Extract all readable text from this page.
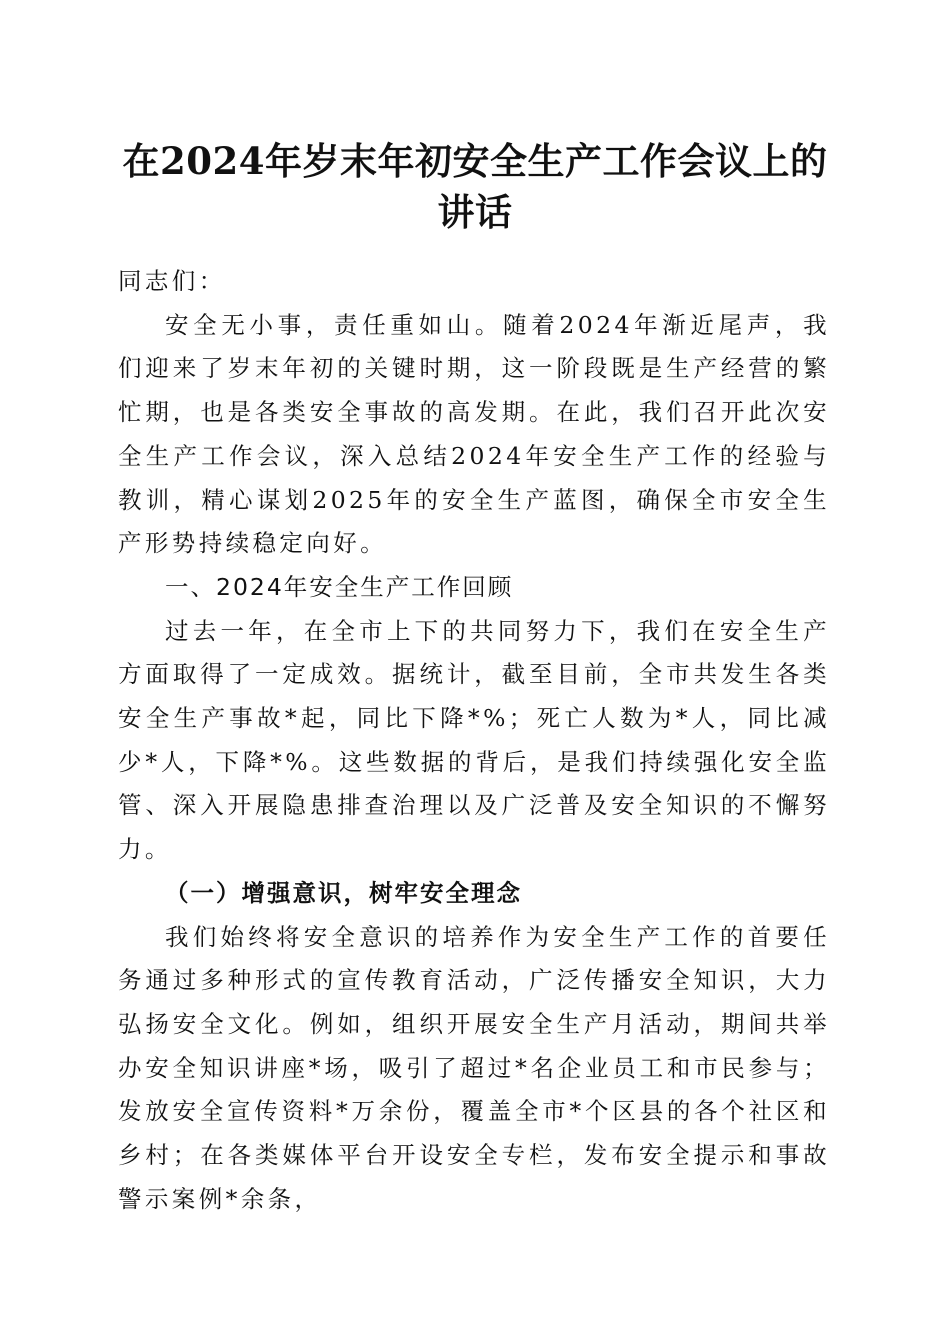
在2024年岁末年初安全生产工作会议上的讲话

同志们：

安全无小事，责任重如山。随着2024年渐近尾声，我们迎来了岁末年初的关键时期，这一阶段既是生产经营的繁忙期，也是各类安全事故的高发期。在此，我们召开此次安全生产工作会议，深入总结2024年安全生产工作的经验与教训，精心谋划2025年的安全生产蓝图，确保全市安全生产形势持续稳定向好。

一、2024年安全生产工作回顾

过去一年，在全市上下的共同努力下，我们在安全生产方面取得了一定成效。据统计，截至目前，全市共发生各类安全生产事故*起，同比下降*%；死亡人数为*人，同比减少*人，下降*%。这些数据的背后，是我们持续强化安全监管、深入开展隐患排查治理以及广泛普及安全知识的不懈努力。

（一）增强意识，树牢安全理念

我们始终将安全意识的培养作为安全生产工作的首要任务通过多种形式的宣传教育活动，广泛传播安全知识，大力弘扬安全文化。例如，组织开展安全生产月活动，期间共举办安全知识讲座*场，吸引了超过*名企业员工和市民参与；发放安全宣传资料*万余份，覆盖全市*个区县的各个社区和乡村；在各类媒体平台开设安全专栏，发布安全提示和事故警示案例*余条，
